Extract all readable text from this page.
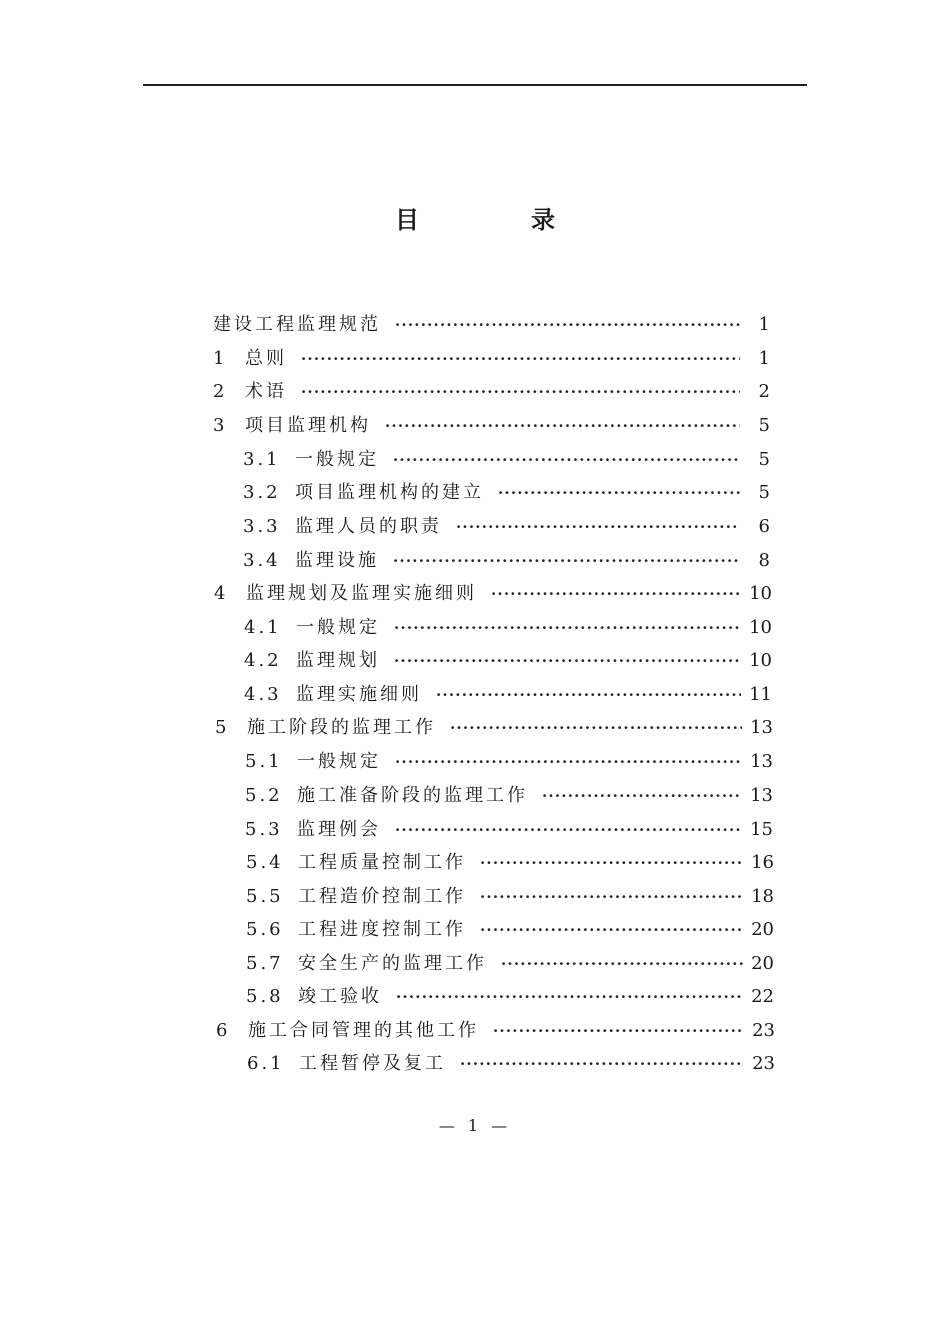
目　录
建设工程监理规范 ·····	1
1 总则 ·····	1
2 术语 ·····	2
3 项目监理机构 ·····	5
3.1 一般规定 ·····	5
3.2 项目监理机构的建立 ·····	5
3.3 监理人员的职责 ·····	6
3.4 监理设施 ·····	8
4 监理规划及监理实施细则 ·····	10
4.1 一般规定 ·····	10
4.2 监理规划 ·····	10
4.3 监理实施细则 ·····	11
5 施工阶段的监理工作 ·····	13
5.1 一般规定 ·····	13
5.2 施工准备阶段的监理工作 ·····	13
5.3 监理例会 ·····	15
5.4 工程质量控制工作 ·····	16
5.5 工程造价控制工作 ·····	18
5.6 工程进度控制工作 ·····	20
5.7 安全生产的监理工作 ·····	20
5.8 竣工验收 ·····	22
6 施工合同管理的其他工作 ·····	23
6.1 工程暂停及复工 ·····	23
— 1 —
